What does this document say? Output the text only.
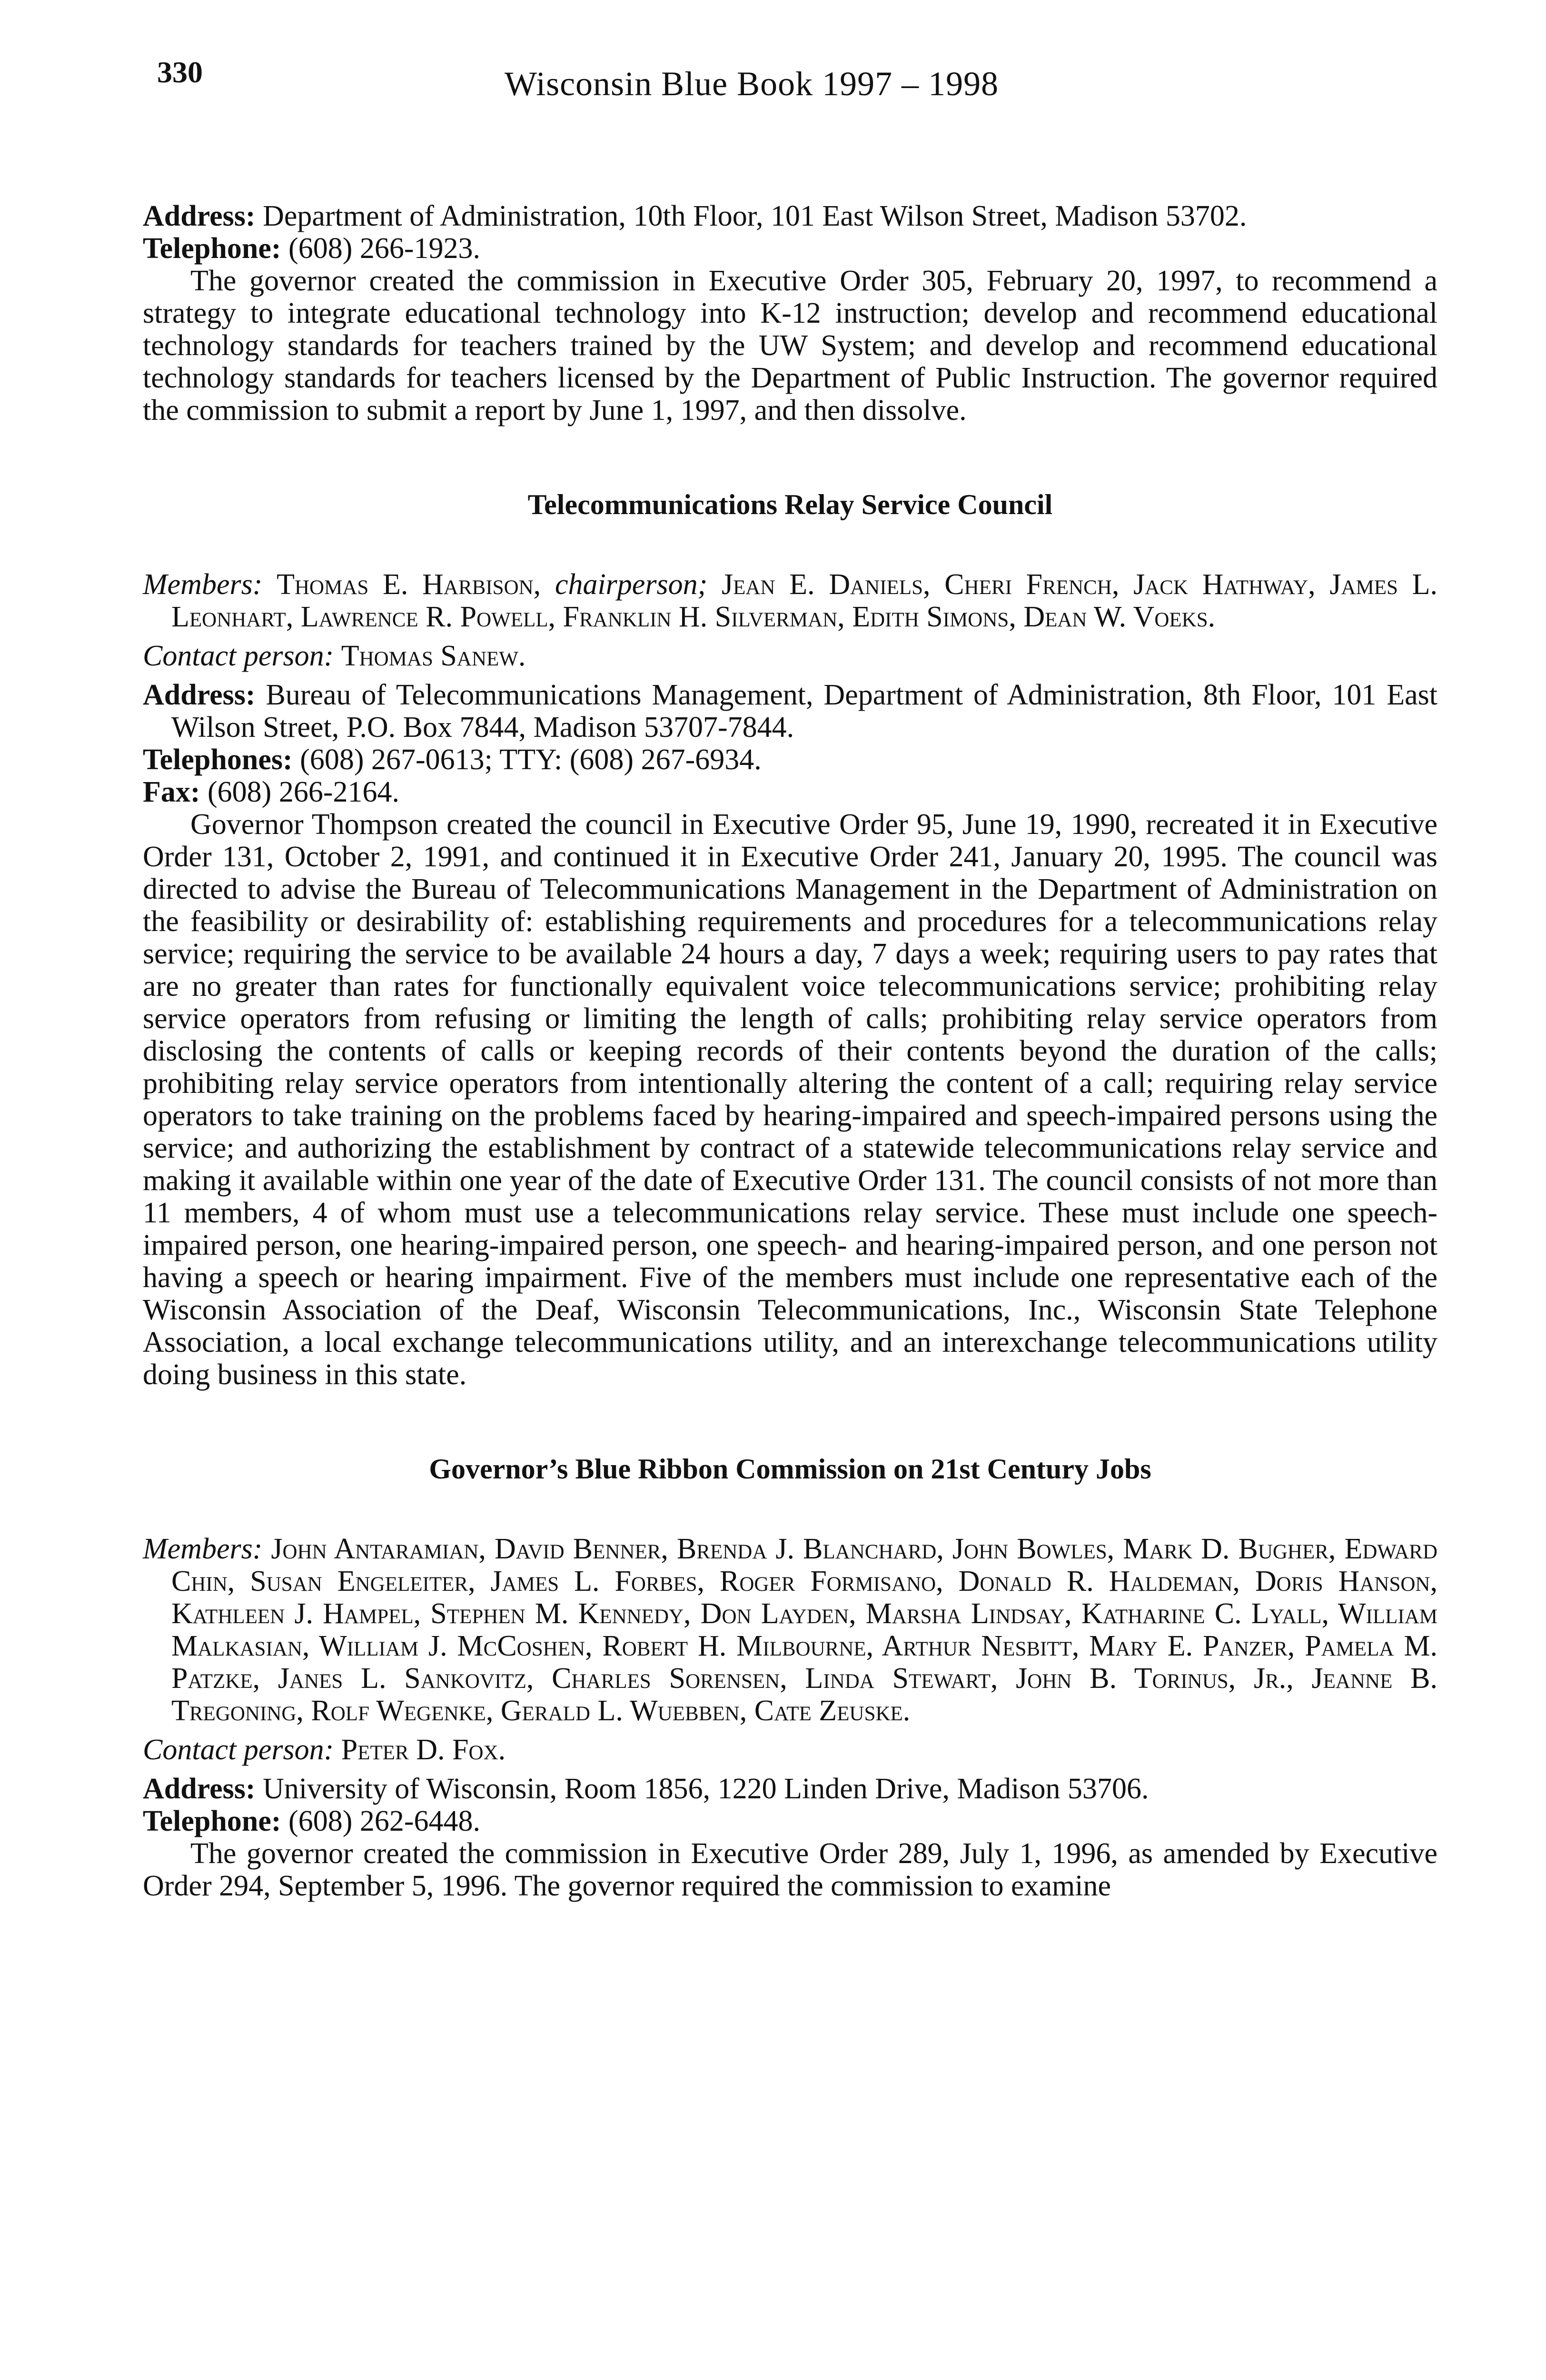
330	Wisconsin Blue Book 1997 – 1998

Address: Department of Administration, 10th Floor, 101 East Wilson Street, Madison 53702.

Telephone: (608) 266-1923.

The governor created the commission in Executive Order 305, February 20, 1997, to recommend a strategy to integrate educational technology into K-12 instruction; develop and recommend educational technology standards for teachers trained by the UW System; and develop and recommend educational technology standards for teachers licensed by the Department of Public Instruction. The governor required the commission to submit a report by June 1, 1997, and then dissolve.

Telecommunications Relay Service Council

Members: Thomas E. Harbison, chairperson; Jean E. Daniels, Cheri French, Jack Hathway, James L. Leonhart, Lawrence R. Powell, Franklin H. Silverman, Edith Simons, Dean W. Voeks.

Contact person: Thomas Sanew.

Address: Bureau of Telecommunications Management, Department of Administration, 8th Floor, 101 East Wilson Street, P.O. Box 7844, Madison 53707-7844.

Telephones: (608) 267-0613; TTY: (608) 267-6934.

Fax: (608) 266-2164.

Governor Thompson created the council in Executive Order 95, June 19, 1990, recreated it in Executive Order 131, October 2, 1991, and continued it in Executive Order 241, January 20, 1995. The council was directed to advise the Bureau of Telecommunications Management in the Department of Administration on the feasibility or desirability of: establishing requirements and procedures for a telecommunications relay service; requiring the service to be available 24 hours a day, 7 days a week; requiring users to pay rates that are no greater than rates for functionally equivalent voice telecommunications service; prohibiting relay service operators from refusing or limiting the length of calls; prohibiting relay service operators from disclosing the contents of calls or keeping records of their contents beyond the duration of the calls; prohibiting relay service operators from intentionally altering the content of a call; requiring relay service operators to take training on the problems faced by hearing-impaired and speech-impaired persons using the service; and authorizing the establishment by contract of a statewide telecommunications relay service and making it available within one year of the date of Executive Order 131. The council consists of not more than 11 members, 4 of whom must use a telecommunications relay service. These must include one speech-impaired person, one hearing-impaired person, one speech- and hearing-impaired person, and one person not having a speech or hearing impairment. Five of the members must include one representative each of the Wisconsin Association of the Deaf, Wisconsin Telecommunications, Inc., Wisconsin State Telephone Association, a local exchange telecommunications utility, and an interexchange telecommunications utility doing business in this state.

Governor’s Blue Ribbon Commission on 21st Century Jobs

Members: John Antaramian, David Benner, Brenda J. Blanchard, John Bowles, Mark D. Bugher, Edward Chin, Susan Engeleiter, James L. Forbes, Roger Formisano, Donald R. Haldeman, Doris Hanson, Kathleen J. Hampel, Stephen M. Kennedy, Don Layden, Marsha Lindsay, Katharine C. Lyall, William Malkasian, William J. McCoshen, Robert H. Milbourne, Arthur Nesbitt, Mary E. Panzer, Pamela M. Patzke, Janes L. Sankovitz, Charles Sorensen, Linda Stewart, John B. Torinus, Jr., Jeanne B. Tregoning, Rolf Wegenke, Gerald L. Wuebben, Cate Zeuske.

Contact person: Peter D. Fox.

Address: University of Wisconsin, Room 1856, 1220 Linden Drive, Madison 53706.

Telephone: (608) 262-6448.

The governor created the commission in Executive Order 289, July 1, 1996, as amended by Executive Order 294, September 5, 1996. The governor required the commission to examine
